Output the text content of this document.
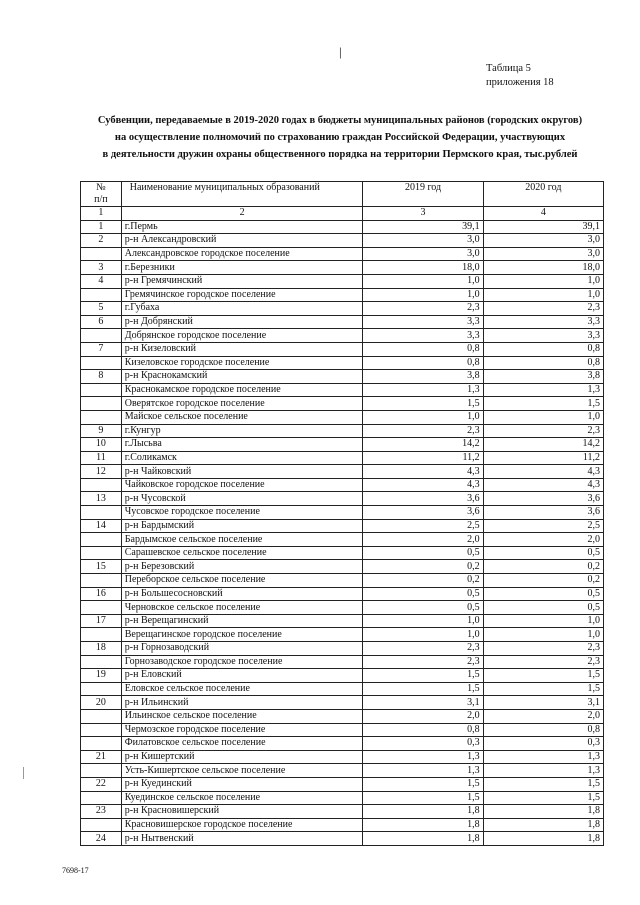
|
Таблица 5
приложения 18
Субвенции, передаваемые в 2019-2020 годах в бюджеты муниципальных районов (городских округов)
на осуществление полномочий по страхованию граждан Российской Федерации, участвующих
в деятельности дружин охраны общественного порядка на территории Пермского края, тыс.рублей
№
п/п	Наименование муниципальных образований	2019 год	2020 год
1	2	3	4
1	г.Пермь	39,1	39,1
2	р-н Александровский	3,0	3,0
	Александровское городское поселение	3,0	3,0
3	г.Березники	18,0	18,0
4	р-н Гремячинский	1,0	1,0
	Гремячинское городское поселение	1,0	1,0
5	г.Губаха	2,3	2,3
6	р-н Добрянский	3,3	3,3
	Добрянское городское поселение	3,3	3,3
7	р-н Кизеловский	0,8	0,8
	Кизеловское городское поселение	0,8	0,8
8	р-н Краснокамский	3,8	3,8
	Краснокамское городское поселение	1,3	1,3
	Оверятское городское поселение	1,5	1,5
	Майское сельское поселение	1,0	1,0
9	г.Кунгур	2,3	2,3
10	г.Лысьва	14,2	14,2
11	г.Соликамск	11,2	11,2
12	р-н Чайковский	4,3	4,3
	Чайковское городское поселение	4,3	4,3
13	р-н Чусовской	3,6	3,6
	Чусовское городское поселение	3,6	3,6
14	р-н Бардымский	2,5	2,5
	Бардымское сельское поселение	2,0	2,0
	Сарашевское сельское поселение	0,5	0,5
15	р-н Березовский	0,2	0,2
	Переборское сельское поселение	0,2	0,2
16	р-н Большесосновский	0,5	0,5
	Черновское сельское поселение	0,5	0,5
17	р-н Верещагинский	1,0	1,0
	Верещагинское городское поселение	1,0	1,0
18	р-н Горнозаводский	2,3	2,3
	Горнозаводское городское поселение	2,3	2,3
19	р-н Еловский	1,5	1,5
	Еловское сельское поселение	1,5	1,5
20	р-н Ильинский	3,1	3,1
	Ильинское сельское поселение	2,0	2,0
	Чермозское городское поселение	0,8	0,8
	Филатовское сельское поселение	0,3	0,3
21	р-н Кишертский	1,3	1,3
	Усть-Кишертское сельское поселение	1,3	1,3
22	р-н Куединский	1,5	1,5
	Куединское сельское поселение	1,5	1,5
23	р-н Красновишерский	1,8	1,8
	Красновишерское городское поселение	1,8	1,8
24	р-н Нытвенский	1,8	1,8
7698-17
